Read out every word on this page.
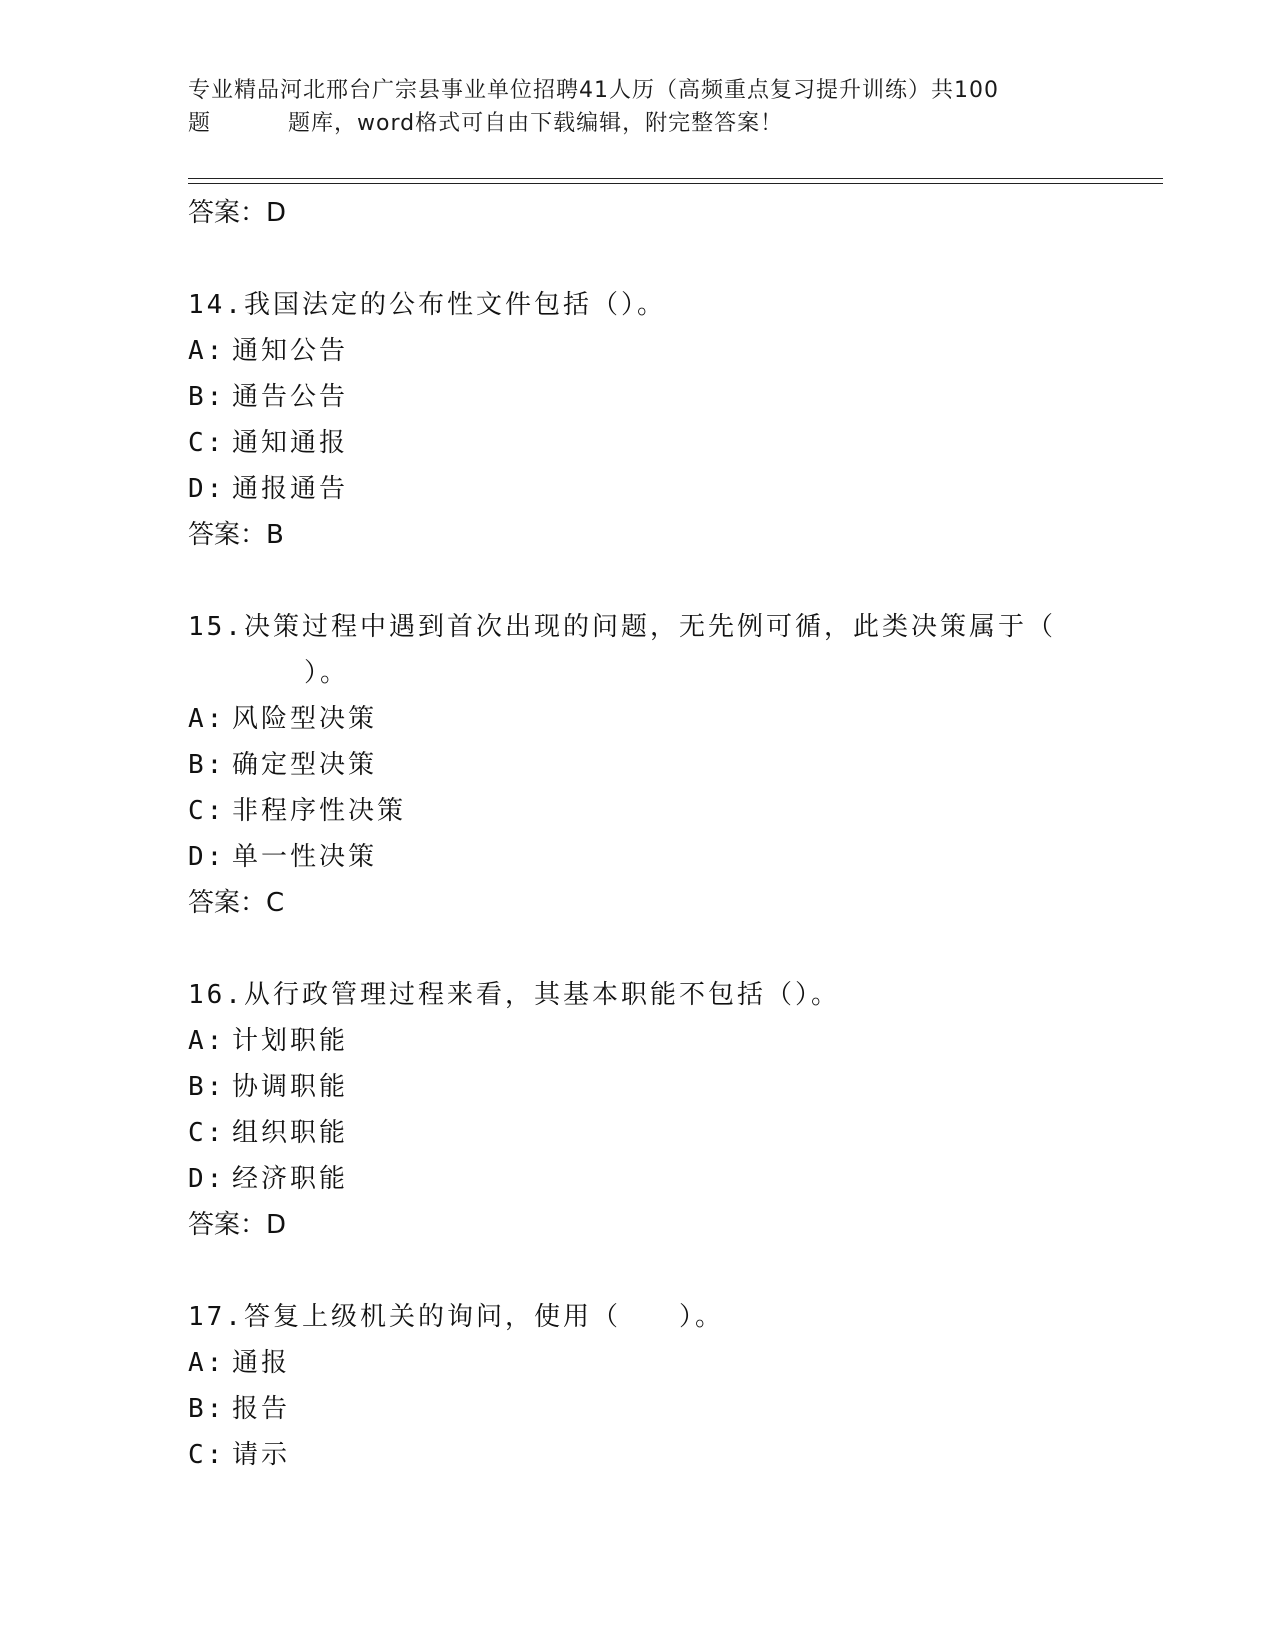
专业精品河北邢台广宗县事业单位招聘41人历（高频重点复习提升训练）共100
题	题库，word格式可自由下载编辑，附完整答案！
答案：D
14.我国法定的公布性文件包括（）。
A: 通知公告
B: 通告公告
C: 通知通报
D: 通报通告
答案：B
15.决策过程中遇到首次出现的问题，无先例可循，此类决策属于（
）。
A: 风险型决策
B: 确定型决策
C: 非程序性决策
D: 单一性决策
答案：C
16.从行政管理过程来看，其基本职能不包括（）。
A: 计划职能
B: 协调职能
C: 组织职能
D: 经济职能
答案：D
17.答复上级机关的询问，使用（　　）。
A: 通报
B: 报告
C: 请示
